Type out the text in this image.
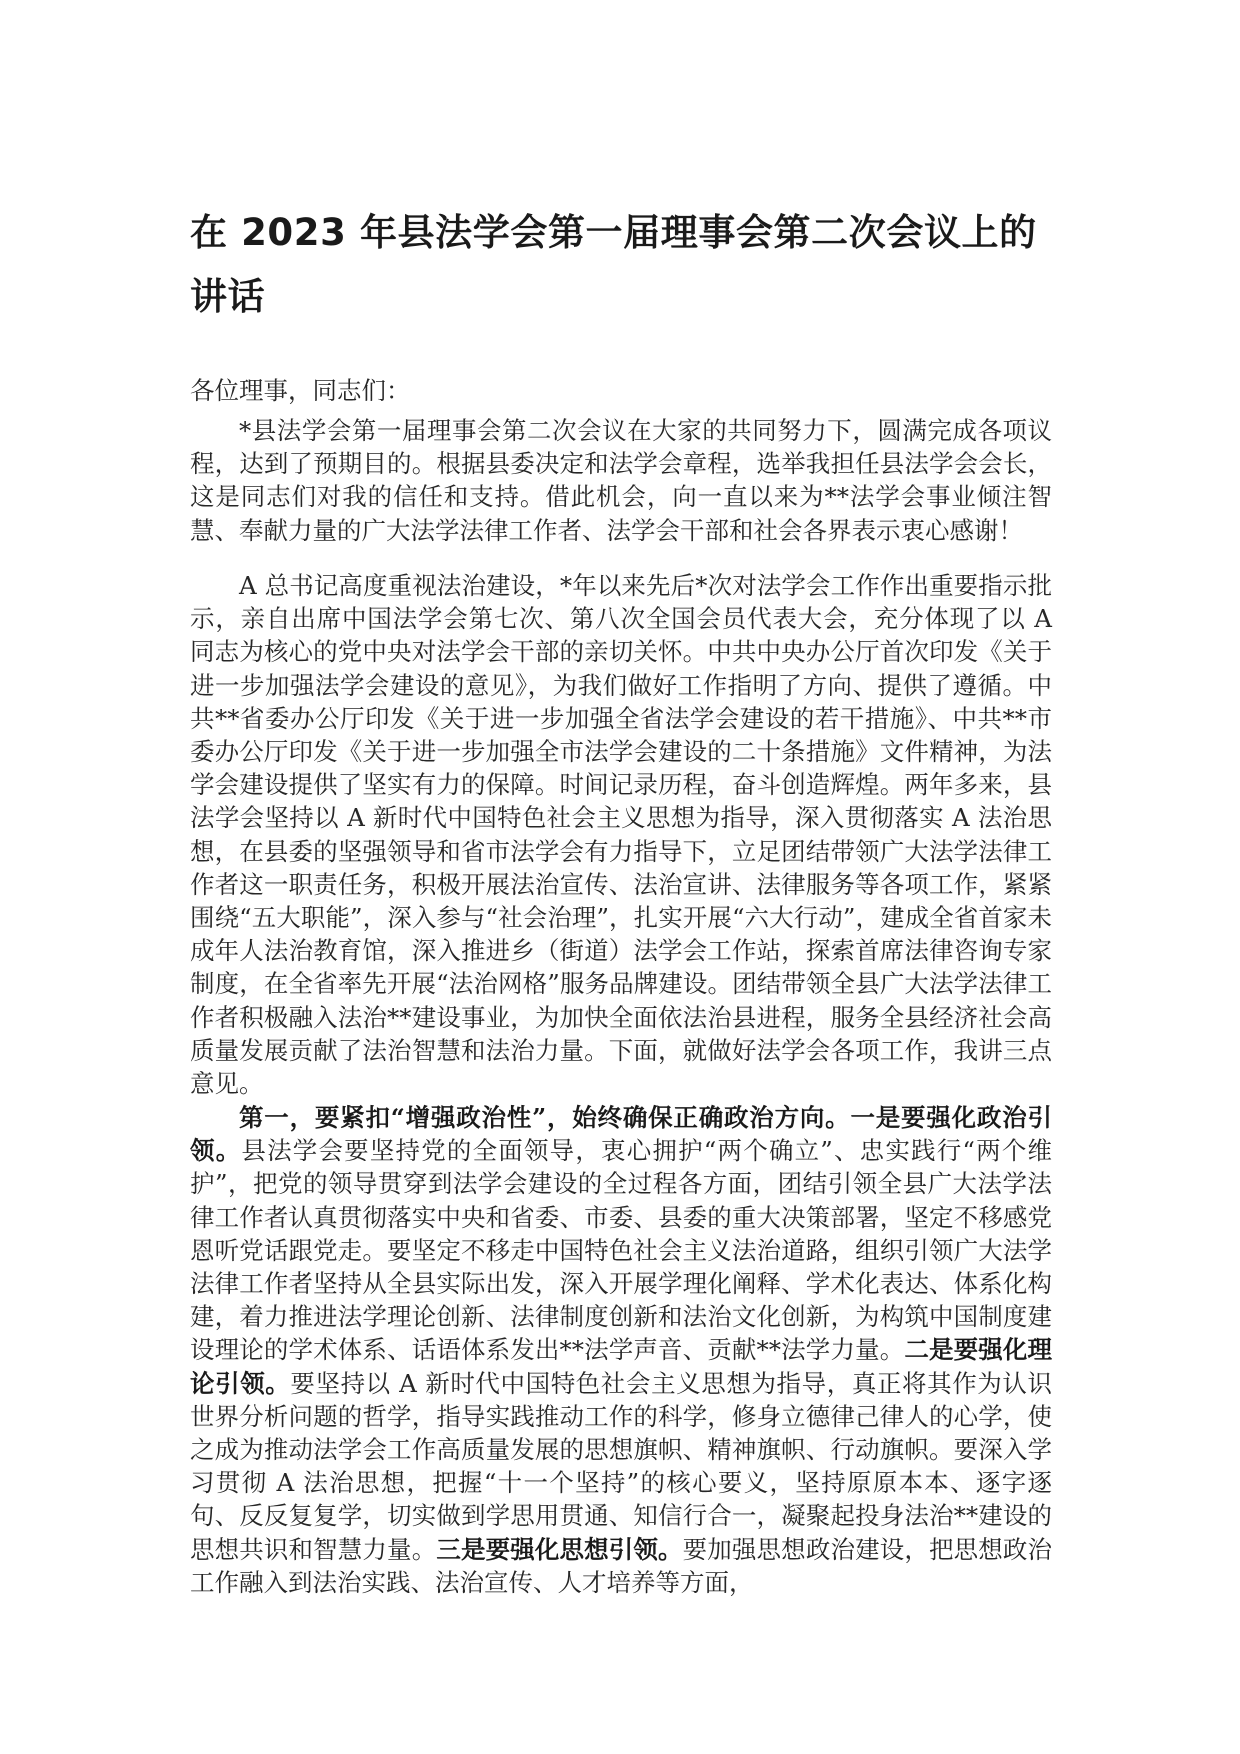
在 2023 年县法学会第一届理事会第二次会议上的讲话

各位理事，同志们：

*县法学会第一届理事会第二次会议在大家的共同努力下，圆满完成各项议程，达到了预期目的。根据县委决定和法学会章程，选举我担任县法学会会长，这是同志们对我的信任和支持。借此机会，向一直以来为**法学会事业倾注智慧、奉献力量的广大法学法律工作者、法学会干部和社会各界表示衷心感谢！

A 总书记高度重视法治建设，*年以来先后*次对法学会工作作出重要指示批示，亲自出席中国法学会第七次、第八次全国会员代表大会，充分体现了以 A 同志为核心的党中央对法学会干部的亲切关怀。中共中央办公厅首次印发《关于进一步加强法学会建设的意见》，为我们做好工作指明了方向、提供了遵循。中共**省委办公厅印发《关于进一步加强全省法学会建设的若干措施》、中共**市委办公厅印发《关于进一步加强全市法学会建设的二十条措施》文件精神，为法学会建设提供了坚实有力的保障。时间记录历程，奋斗创造辉煌。两年多来，县法学会坚持以 A 新时代中国特色社会主义思想为指导，深入贯彻落实 A 法治思想，在县委的坚强领导和省市法学会有力指导下，立足团结带领广大法学法律工作者这一职责任务，积极开展法治宣传、法治宣讲、法律服务等各项工作，紧紧围绕“五大职能”，深入参与“社会治理”，扎实开展“六大行动”，建成全省首家未成年人法治教育馆，深入推进乡（街道）法学会工作站，探索首席法律咨询专家制度，在全省率先开展“法治网格”服务品牌建设。团结带领全县广大法学法律工作者积极融入法治**建设事业，为加快全面依法治县进程，服务全县经济社会高质量发展贡献了法治智慧和法治力量。下面，就做好法学会各项工作，我讲三点意见。

第一，要紧扣“增强政治性”，始终确保正确政治方向。一是要强化政治引领。县法学会要坚持党的全面领导，衷心拥护“两个确立”、忠实践行“两个维护”，把党的领导贯穿到法学会建设的全过程各方面，团结引领全县广大法学法律工作者认真贯彻落实中央和省委、市委、县委的重大决策部署，坚定不移感党恩听党话跟党走。要坚定不移走中国特色社会主义法治道路，组织引领广大法学法律工作者坚持从全县实际出发，深入开展学理化阐释、学术化表达、体系化构建，着力推进法学理论创新、法律制度创新和法治文化创新，为构筑中国制度建设理论的学术体系、话语体系发出**法学声音、贡献**法学力量。二是要强化理论引领。要坚持以 A 新时代中国特色社会主义思想为指导，真正将其作为认识世界分析问题的哲学，指导实践推动工作的科学，修身立德律己律人的心学，使之成为推动法学会工作高质量发展的思想旗帜、精神旗帜、行动旗帜。要深入学习贯彻 A 法治思想，把握“十一个坚持”的核心要义，坚持原原本本、逐字逐句、反反复复学，切实做到学思用贯通、知信行合一，凝聚起投身法治**建设的思想共识和智慧力量。三是要强化思想引领。要加强思想政治建设，把思想政治工作融入到法治实践、法治宣传、人才培养等方面，
